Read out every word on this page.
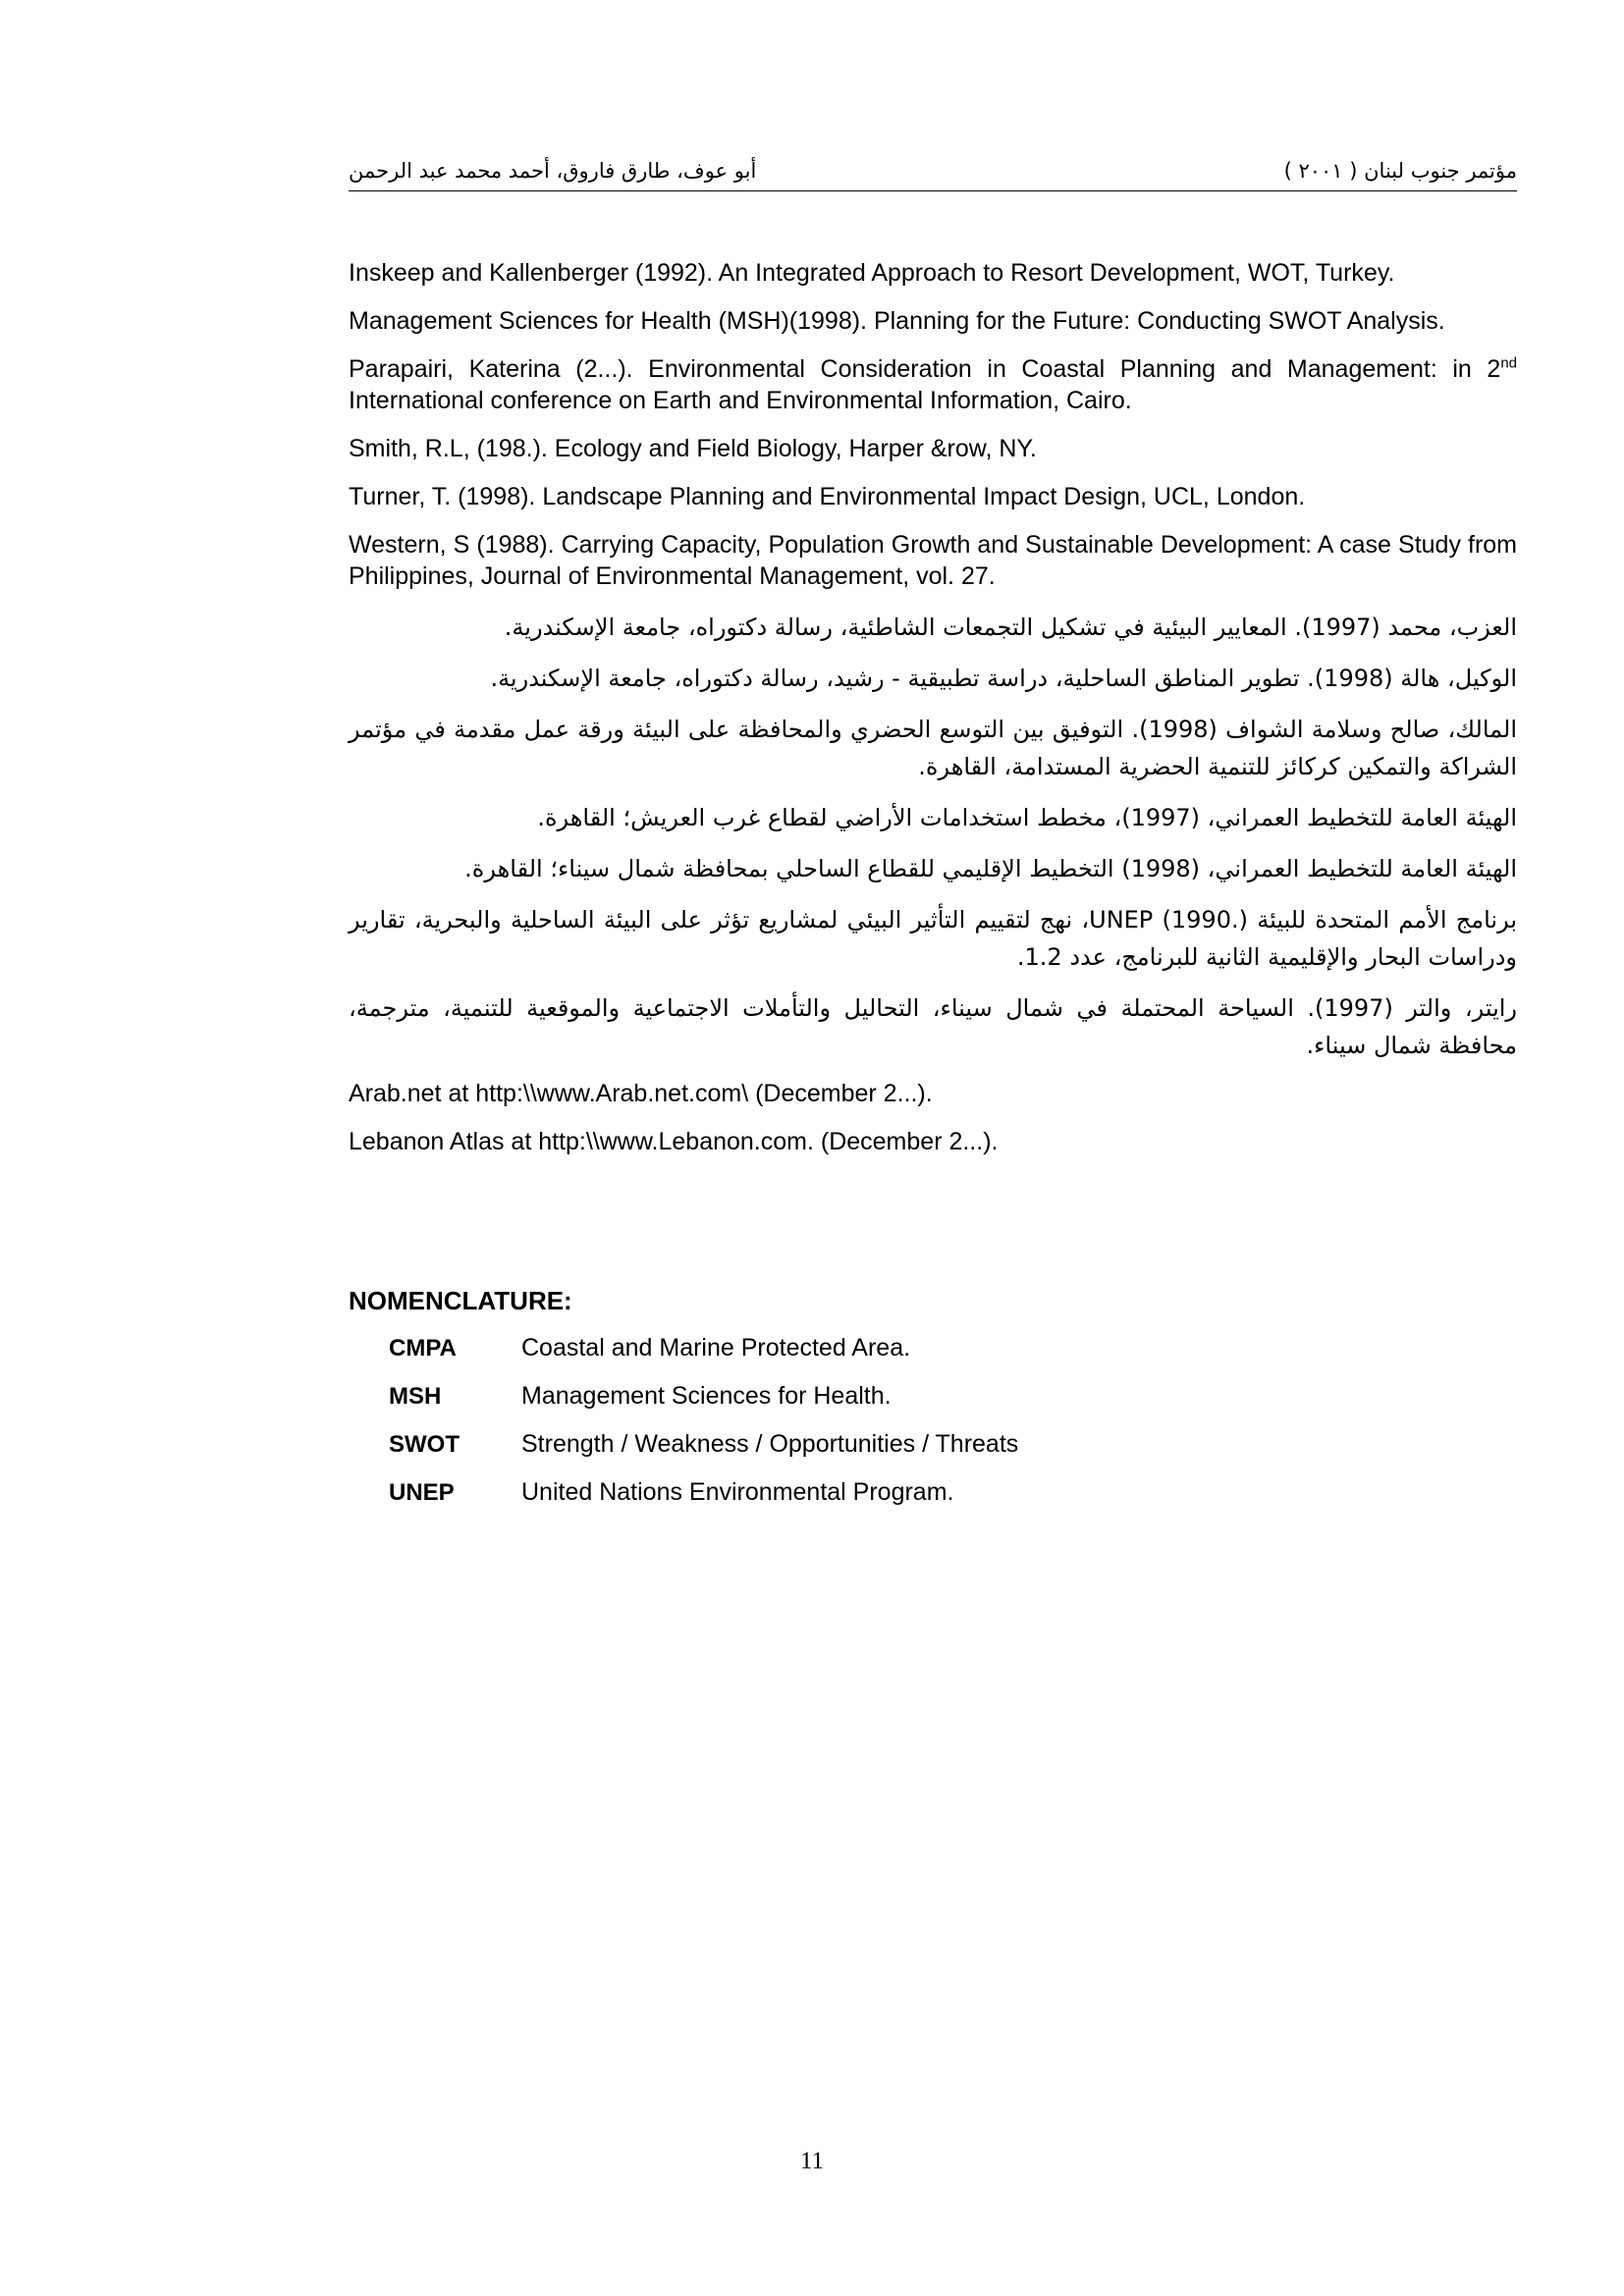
مؤتمر جنوب لبنان ( ٢٠٠١ )
أبو عوف، طارق فاروق، أحمد محمد عبد الرحمن

Inskeep and Kallenberger (1992). An Integrated Approach to Resort Development, WOT, Turkey.

Management Sciences for Health (MSH)(1998). Planning for the Future: Conducting SWOT Analysis.

Parapairi, Katerina (2...). Environmental Consideration in Coastal Planning and Management: in 2nd International conference on Earth and Environmental Information, Cairo.

Smith, R.L, (198.). Ecology and Field Biology, Harper &row, NY.

Turner, T. (1998). Landscape Planning and Environmental Impact Design, UCL, London.

Western, S (1988). Carrying Capacity, Population Growth and Sustainable Development: A case Study from Philippines, Journal of Environmental Management, vol. 27.

العزب، محمد (1997). المعايير البيئية في تشكيل التجمعات الشاطئية، رسالة دكتوراه، جامعة الإسكندرية.

الوكيل، هالة (1998). تطوير المناطق الساحلية، دراسة تطبيقية - رشيد، رسالة دكتوراه، جامعة الإسكندرية.

المالك، صالح وسلامة الشواف (1998). التوفيق بين التوسع الحضري والمحافظة على البيئة ورقة عمل مقدمة في مؤتمر الشراكة والتمكين كركائز للتنمية الحضرية المستدامة، القاهرة.

الهيئة العامة للتخطيط العمراني، (1997)، مخطط استخدامات الأراضي لقطاع غرب العريش؛ القاهرة.

الهيئة العامة للتخطيط العمراني، (1998) التخطيط الإقليمي للقطاع الساحلي بمحافظة شمال سيناء؛ القاهرة.

برنامج الأمم المتحدة للبيئة UNEP (1990.)، نهج لتقييم التأثير البيئي لمشاريع تؤثر على البيئة الساحلية والبحرية، تقارير ودراسات البحار والإقليمية الثانية للبرنامج، عدد 1.2.

رايتر، والتر (1997). السياحة المحتملة في شمال سيناء، التحاليل والتأملات الاجتماعية والموقعية للتنمية، مترجمة، محافظة شمال سيناء.

Arab.net at http:\\www.Arab.net.com\ (December 2...).

Lebanon Atlas at http:\\www.Lebanon.com. (December 2...).

NOMENCLATURE:

CMPA	Coastal and Marine Protected Area.
MSH	Management Sciences for Health.
SWOT	Strength / Weakness / Opportunities / Threats
UNEP	United Nations Environmental Program.
11
